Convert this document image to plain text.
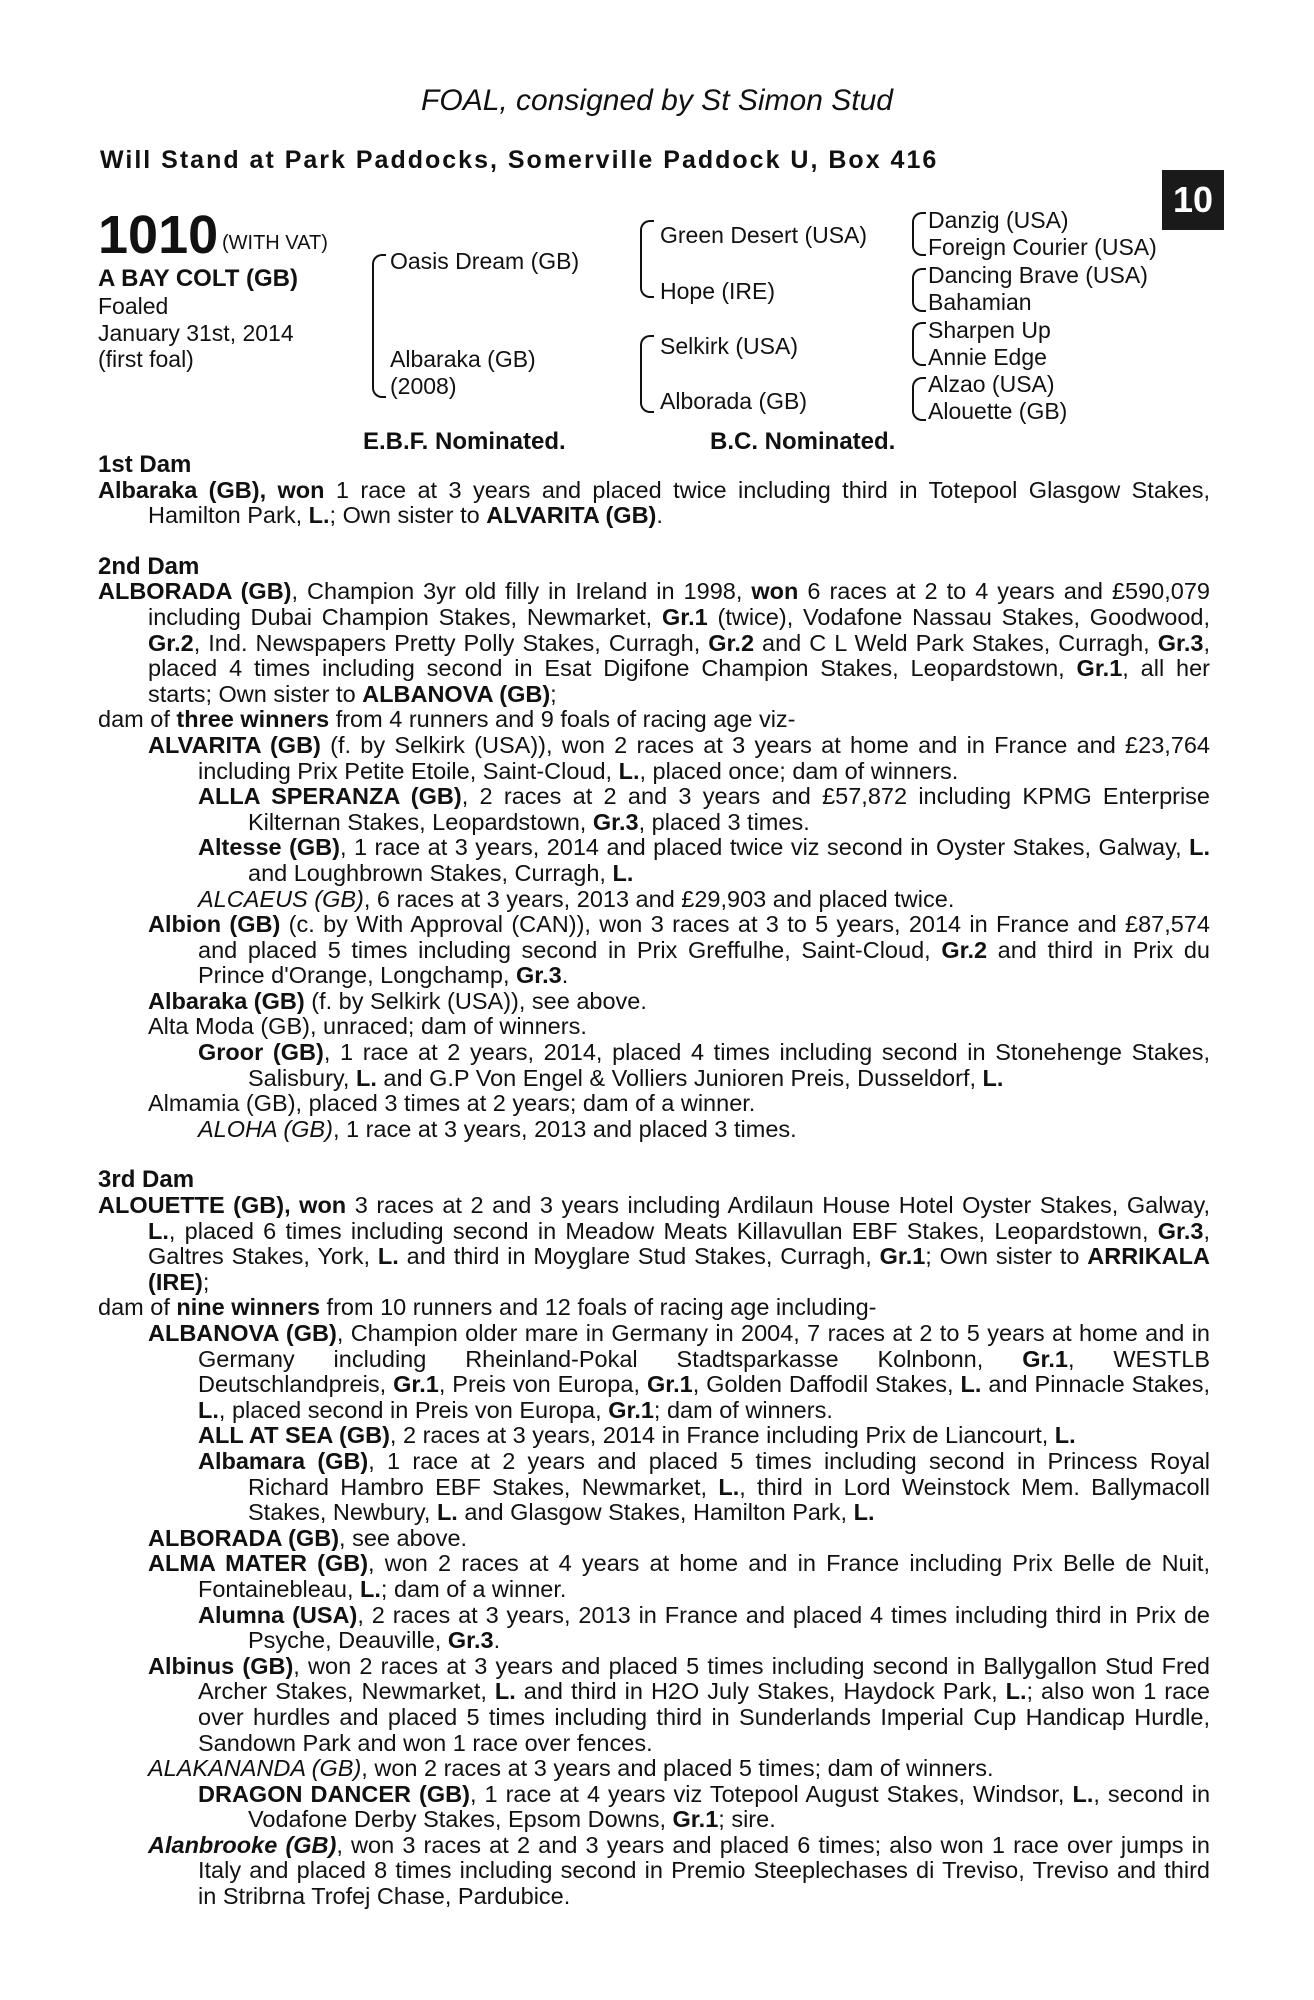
FOAL, consigned by St Simon Stud
Will Stand at Park Paddocks, Somerville Paddock U, Box 416
10
1010 (WITH VAT)
A BAY COLT (GB)
Foaled
January 31st, 2014
(first foal)
Oasis Dream (GB)
Albaraka (GB)
(2008)
Green Desert (USA)
Hope (IRE)
Selkirk (USA)
Alborada (GB)
Danzig (USA)
Foreign Courier (USA)
Dancing Brave (USA)
Bahamian
Sharpen Up
Annie Edge
Alzao (USA)
Alouette (GB)
E.B.F. Nominated.	B.C. Nominated.
1st Dam
Albaraka (GB), won 1 race at 3 years and placed twice including third in Totepool Glasgow Stakes, Hamilton Park, L.; Own sister to ALVARITA (GB).
2nd Dam
ALBORADA (GB), Champion 3yr old filly in Ireland in 1998, won 6 races at 2 to 4 years and £590,079 including Dubai Champion Stakes, Newmarket, Gr.1 (twice), Vodafone Nassau Stakes, Goodwood, Gr.2, Ind. Newspapers Pretty Polly Stakes, Curragh, Gr.2 and C L Weld Park Stakes, Curragh, Gr.3, placed 4 times including second in Esat Digifone Champion Stakes, Leopardstown, Gr.1, all her starts; Own sister to ALBANOVA (GB);
dam of three winners from 4 runners and 9 foals of racing age viz-
ALVARITA (GB) (f. by Selkirk (USA)), won 2 races at 3 years at home and in France and £23,764 including Prix Petite Etoile, Saint-Cloud, L., placed once; dam of winners.
ALLA SPERANZA (GB), 2 races at 2 and 3 years and £57,872 including KPMG Enterprise Kilternan Stakes, Leopardstown, Gr.3, placed 3 times.
Altesse (GB), 1 race at 3 years, 2014 and placed twice viz second in Oyster Stakes, Galway, L. and Loughbrown Stakes, Curragh, L.
ALCAEUS (GB), 6 races at 3 years, 2013 and £29,903 and placed twice.
Albion (GB) (c. by With Approval (CAN)), won 3 races at 3 to 5 years, 2014 in France and £87,574 and placed 5 times including second in Prix Greffulhe, Saint-Cloud, Gr.2 and third in Prix du Prince d'Orange, Longchamp, Gr.3.
Albaraka (GB) (f. by Selkirk (USA)), see above.
Alta Moda (GB), unraced; dam of winners.
Groor (GB), 1 race at 2 years, 2014, placed 4 times including second in Stonehenge Stakes, Salisbury, L. and G.P Von Engel & Volliers Junioren Preis, Dusseldorf, L.
Almamia (GB), placed 3 times at 2 years; dam of a winner.
ALOHA (GB), 1 race at 3 years, 2013 and placed 3 times.
3rd Dam
ALOUETTE (GB), won 3 races at 2 and 3 years including Ardilaun House Hotel Oyster Stakes, Galway, L., placed 6 times including second in Meadow Meats Killavullan EBF Stakes, Leopardstown, Gr.3, Galtres Stakes, York, L. and third in Moyglare Stud Stakes, Curragh, Gr.1; Own sister to ARRIKALA (IRE);
dam of nine winners from 10 runners and 12 foals of racing age including-
ALBANOVA (GB), Champion older mare in Germany in 2004, 7 races at 2 to 5 years at home and in Germany including Rheinland-Pokal Stadtsparkasse Kolnbonn, Gr.1, WESTLB Deutschlandpreis, Gr.1, Preis von Europa, Gr.1, Golden Daffodil Stakes, L. and Pinnacle Stakes, L., placed second in Preis von Europa, Gr.1; dam of winners.
ALL AT SEA (GB), 2 races at 3 years, 2014 in France including Prix de Liancourt, L.
Albamara (GB), 1 race at 2 years and placed 5 times including second in Princess Royal Richard Hambro EBF Stakes, Newmarket, L., third in Lord Weinstock Mem. Ballymacoll Stakes, Newbury, L. and Glasgow Stakes, Hamilton Park, L.
ALBORADA (GB), see above.
ALMA MATER (GB), won 2 races at 4 years at home and in France including Prix Belle de Nuit, Fontainebleau, L.; dam of a winner.
Alumna (USA), 2 races at 3 years, 2013 in France and placed 4 times including third in Prix de Psyche, Deauville, Gr.3.
Albinus (GB), won 2 races at 3 years and placed 5 times including second in Ballygallon Stud Fred Archer Stakes, Newmarket, L. and third in H2O July Stakes, Haydock Park, L.; also won 1 race over hurdles and placed 5 times including third in Sunderlands Imperial Cup Handicap Hurdle, Sandown Park and won 1 race over fences.
ALAKANANDA (GB), won 2 races at 3 years and placed 5 times; dam of winners.
DRAGON DANCER (GB), 1 race at 4 years viz Totepool August Stakes, Windsor, L., second in Vodafone Derby Stakes, Epsom Downs, Gr.1; sire.
Alanbrooke (GB), won 3 races at 2 and 3 years and placed 6 times; also won 1 race over jumps in Italy and placed 8 times including second in Premio Steeplechases di Treviso, Treviso and third in Stribrna Trofej Chase, Pardubice.
